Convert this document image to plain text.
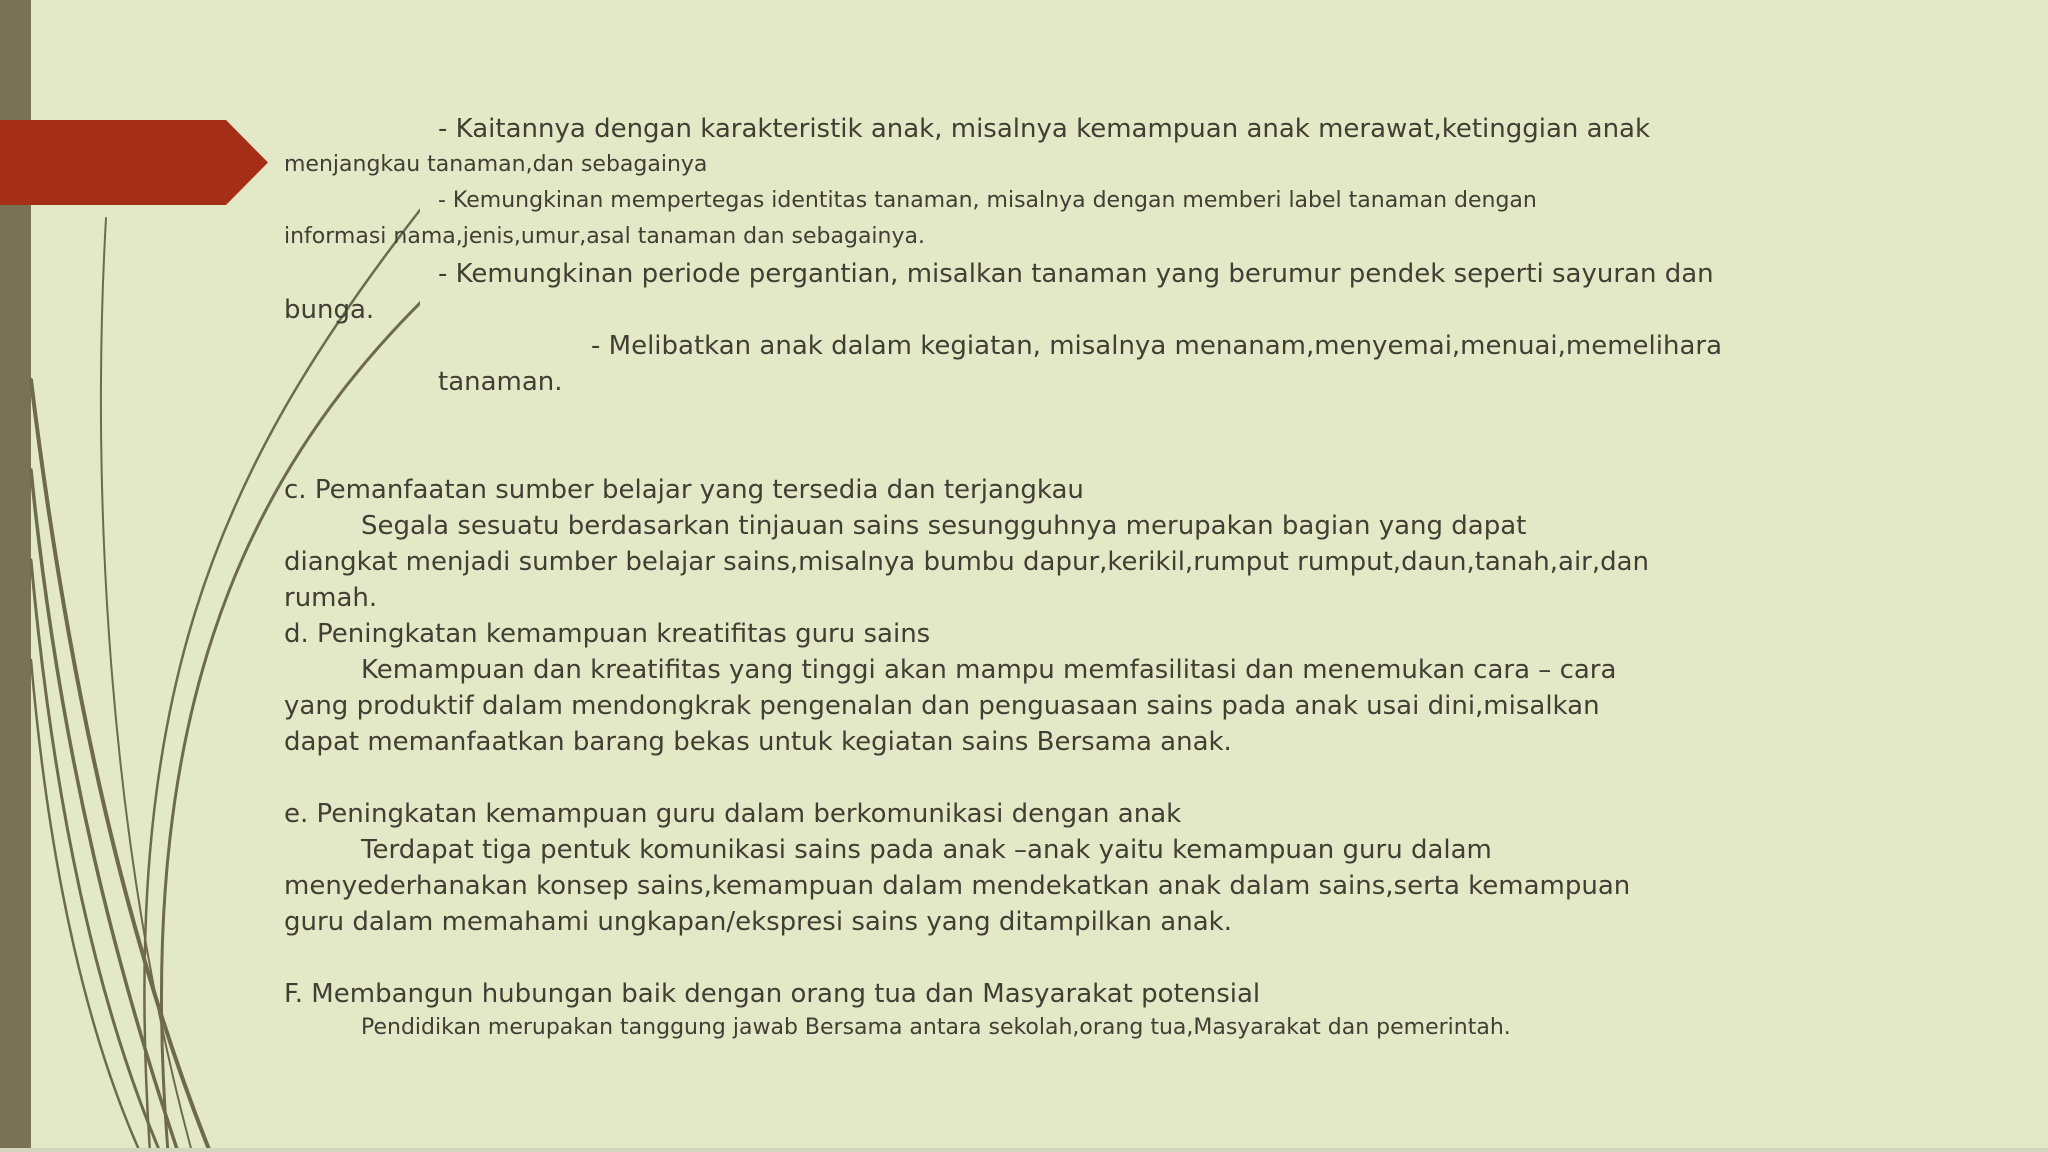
- Kaitannya dengan karakteristik anak, misalnya kemampuan anak merawat,ketinggian anak

menjangkau tanaman,dan sebagainya

- Kemungkinan mempertegas identitas tanaman, misalnya dengan memberi label tanaman dengan

informasi nama,jenis,umur,asal tanaman dan sebagainya.

- Kemungkinan periode pergantian, misalkan tanaman yang berumur pendek seperti sayuran dan

bunga.

- Melibatkan anak dalam kegiatan, misalnya menanam,menyemai,menuai,memelihara

tanaman.

c. Pemanfaatan sumber belajar yang tersedia dan terjangkau

Segala sesuatu berdasarkan tinjauan sains sesungguhnya merupakan bagian yang dapat

diangkat menjadi sumber belajar sains,misalnya bumbu dapur,kerikil,rumput rumput,daun,tanah,air,dan

rumah.

d. Peningkatan kemampuan kreatifitas guru sains

Kemampuan dan kreatifitas yang tinggi akan mampu memfasilitasi dan menemukan cara – cara

yang produktif dalam mendongkrak pengenalan dan penguasaan sains pada anak usai dini,misalkan

dapat memanfaatkan barang bekas untuk kegiatan sains Bersama anak.

e. Peningkatan kemampuan guru dalam berkomunikasi dengan anak

Terdapat tiga pentuk komunikasi sains pada anak –anak yaitu kemampuan guru dalam

menyederhanakan konsep sains,kemampuan dalam mendekatkan anak dalam sains,serta kemampuan

guru dalam memahami ungkapan/ekspresi sains yang ditampilkan anak.

F. Membangun hubungan baik dengan orang tua dan Masyarakat potensial

Pendidikan merupakan tanggung jawab Bersama antara sekolah,orang tua,Masyarakat dan pemerintah.
